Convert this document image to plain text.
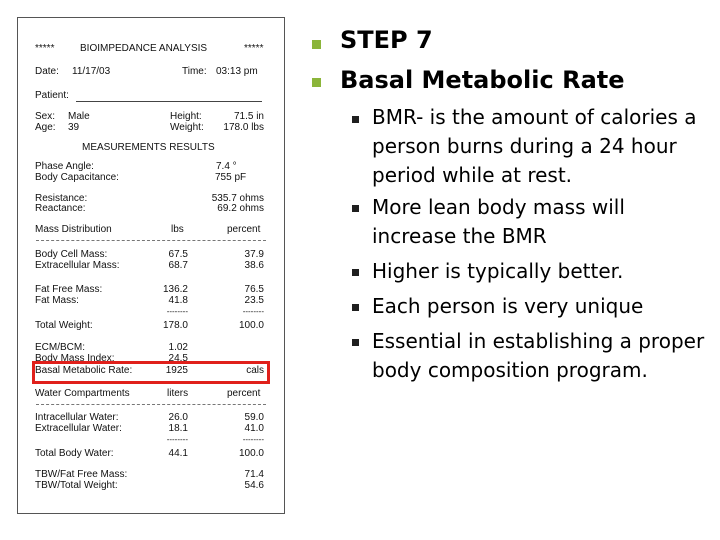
*****	BIOIMPEDANCE ANALYSIS	*****
Date: 11/17/03	Time: 03:13 pm
Patient:
Sex: Male
Age: 39
Height:	71.5 in
Weight:	178.0 lbs
MEASUREMENTS RESULTS
Phase Angle:	7.4 °
Body Capacitance:	755 pF
Resistance:	535.7 ohms
Reactance:	69.2 ohms
Mass Distribution	lbs	percent
Body Cell Mass:	67.5	37.9
Extracellular Mass:	68.7	38.6
Fat Free Mass:	136.2	76.5
Fat Mass:	41.8	23.5
--------	--------
Total Weight:	178.0	100.0
ECM/BCM:	1.02
Body Mass Index:	24.5
Basal Metabolic Rate:	1925	cals
Water Compartments	liters	percent
Intracellular Water:	26.0	59.0
Extracellular Water:	18.1	41.0
--------	--------
Total Body Water:	44.1	100.0
TBW/Fat Free Mass:	71.4
TBW/Total Weight:	54.6
STEP 7
Basal Metabolic Rate
BMR- is the amount of calories a person burns during a 24 hour period while at rest.
More lean body mass will increase the BMR
Higher is typically better.
Each person is very unique
Essential in establishing a proper body composition program.
